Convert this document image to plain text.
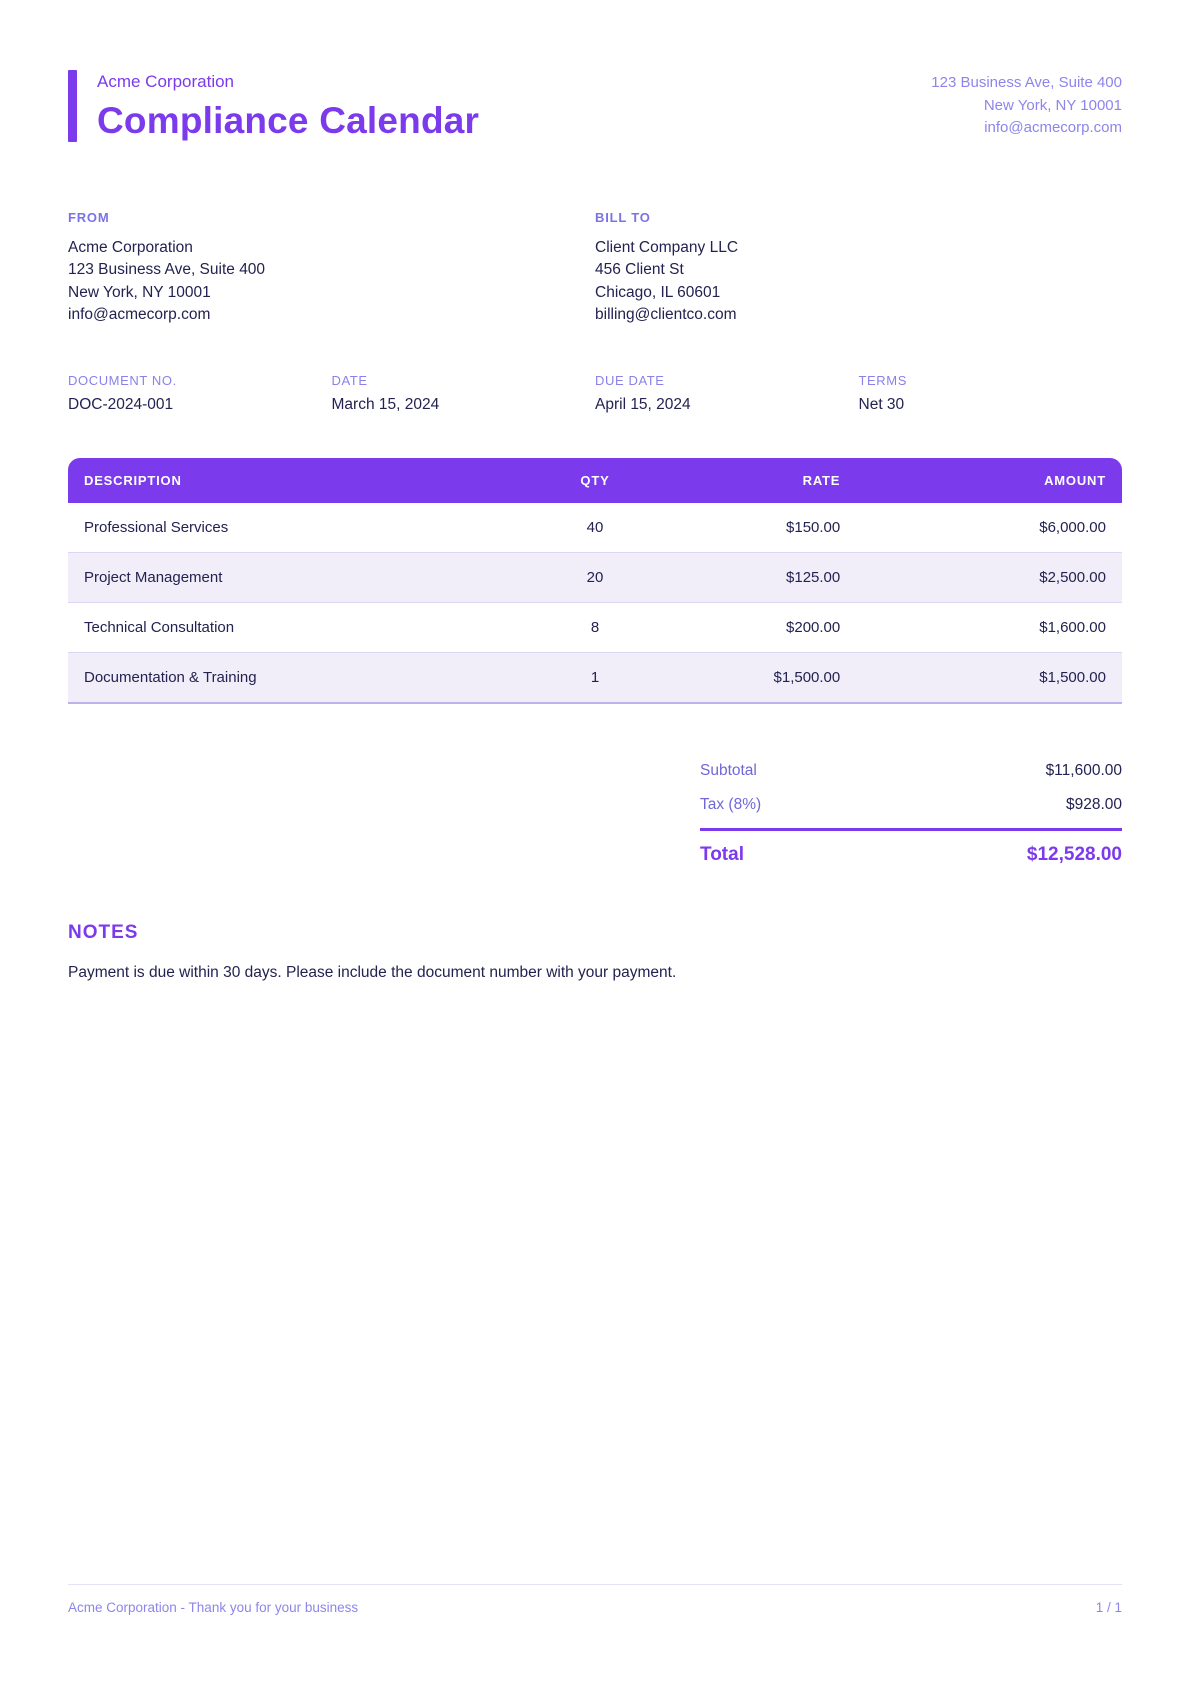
Acme Corporation
Compliance Calendar
123 Business Ave, Suite 400
New York, NY 10001
info@acmecorp.com
FROM
Acme Corporation
123 Business Ave, Suite 400
New York, NY 10001
info@acmecorp.com
BILL TO
Client Company LLC
456 Client St
Chicago, IL 60601
billing@clientco.com
DOCUMENT NO.
DOC-2024-001
DATE
March 15, 2024
DUE DATE
April 15, 2024
TERMS
Net 30
DESCRIPTION	QTY	RATE	AMOUNT
Professional Services	40	$150.00	$6,000.00
Project Management	20	$125.00	$2,500.00
Technical Consultation	8	$200.00	$1,600.00
Documentation & Training	1	$1,500.00	$1,500.00
Subtotal	$11,600.00
Tax (8%)	$928.00
Total	$12,528.00
NOTES
Payment is due within 30 days. Please include the document number with your payment.
Acme Corporation - Thank you for your business	1 / 1
